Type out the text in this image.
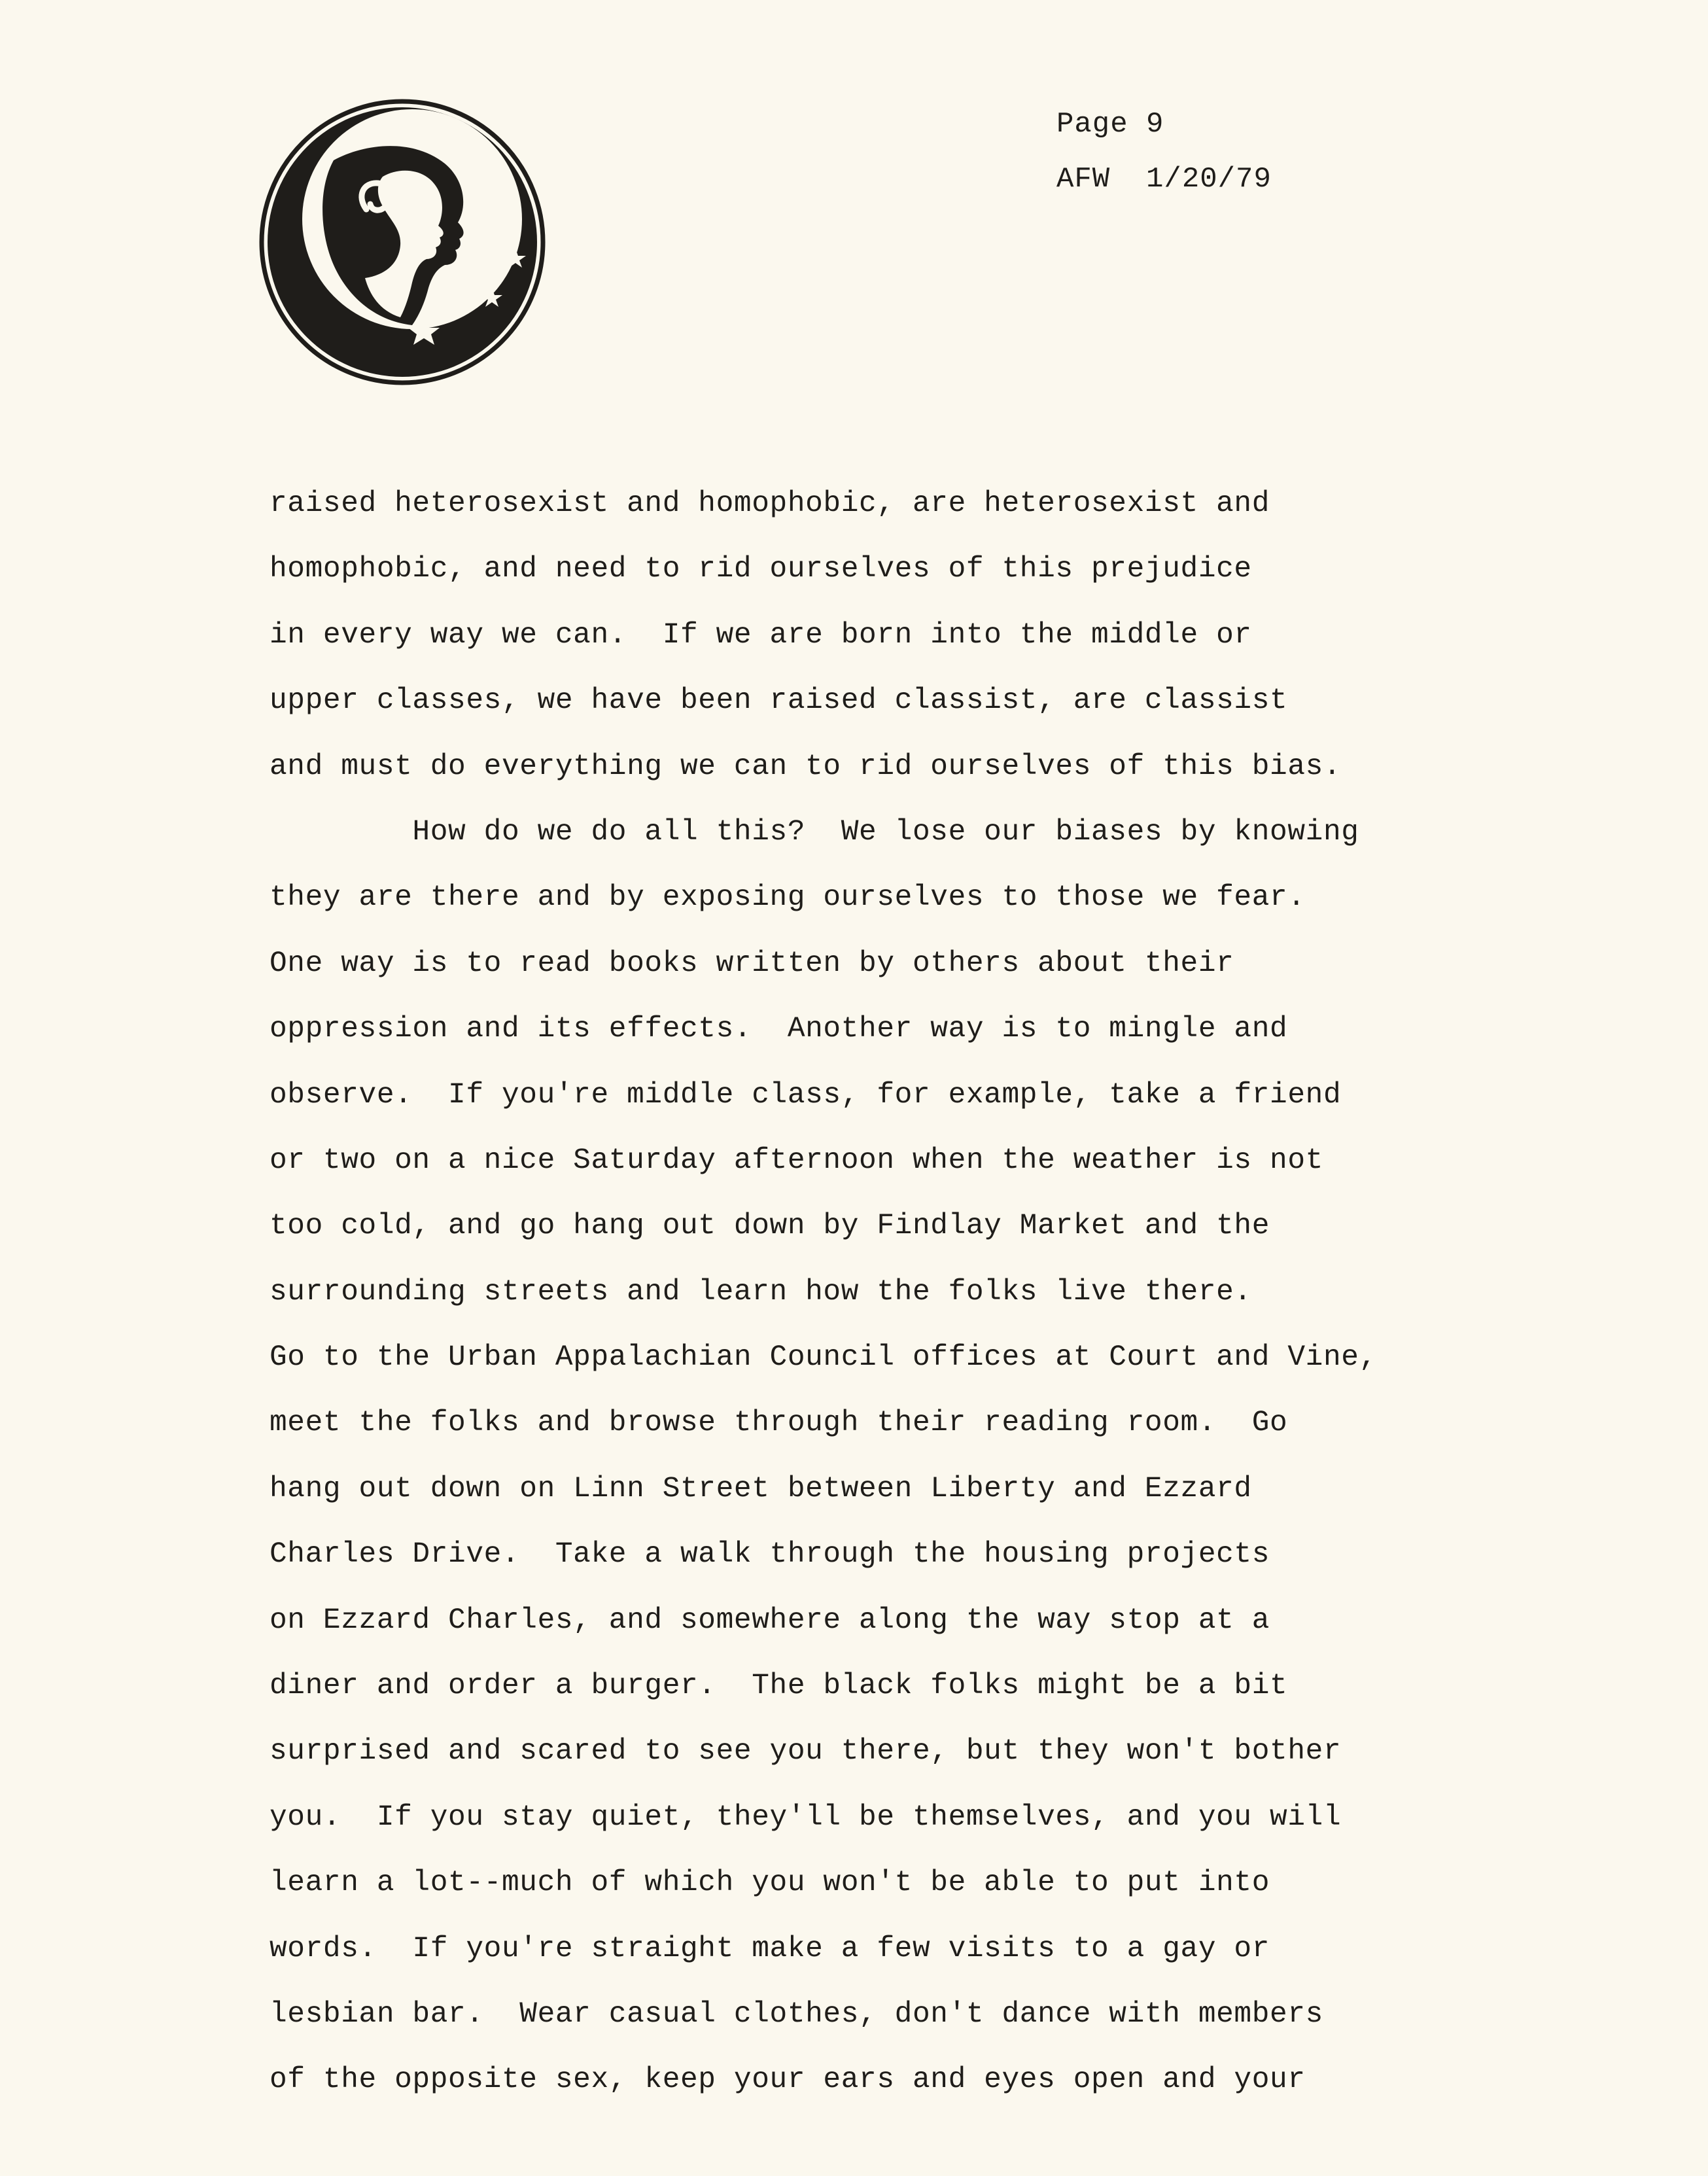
Page 9
AFW  1/20/79
raised heterosexist and homophobic, are heterosexist and
homophobic, and need to rid ourselves of this prejudice
in every way we can.  If we are born into the middle or
upper classes, we have been raised classist, are classist
and must do everything we can to rid ourselves of this bias.
How do we do all this?  We lose our biases by knowing
they are there and by exposing ourselves to those we fear.
One way is to read books written by others about their
oppression and its effects.  Another way is to mingle and
observe.  If you're middle class, for example, take a friend
or two on a nice Saturday afternoon when the weather is not
too cold, and go hang out down by Findlay Market and the
surrounding streets and learn how the folks live there.
Go to the Urban Appalachian Council offices at Court and Vine,
meet the folks and browse through their reading room.  Go
hang out down on Linn Street between Liberty and Ezzard
Charles Drive.  Take a walk through the housing projects
on Ezzard Charles, and somewhere along the way stop at a
diner and order a burger.  The black folks might be a bit
surprised and scared to see you there, but they won't bother
you.  If you stay quiet, they'll be themselves, and you will
learn a lot--much of which you won't be able to put into
words.  If you're straight make a few visits to a gay or
lesbian bar.  Wear casual clothes, don't dance with members
of the opposite sex, keep your ears and eyes open and your
